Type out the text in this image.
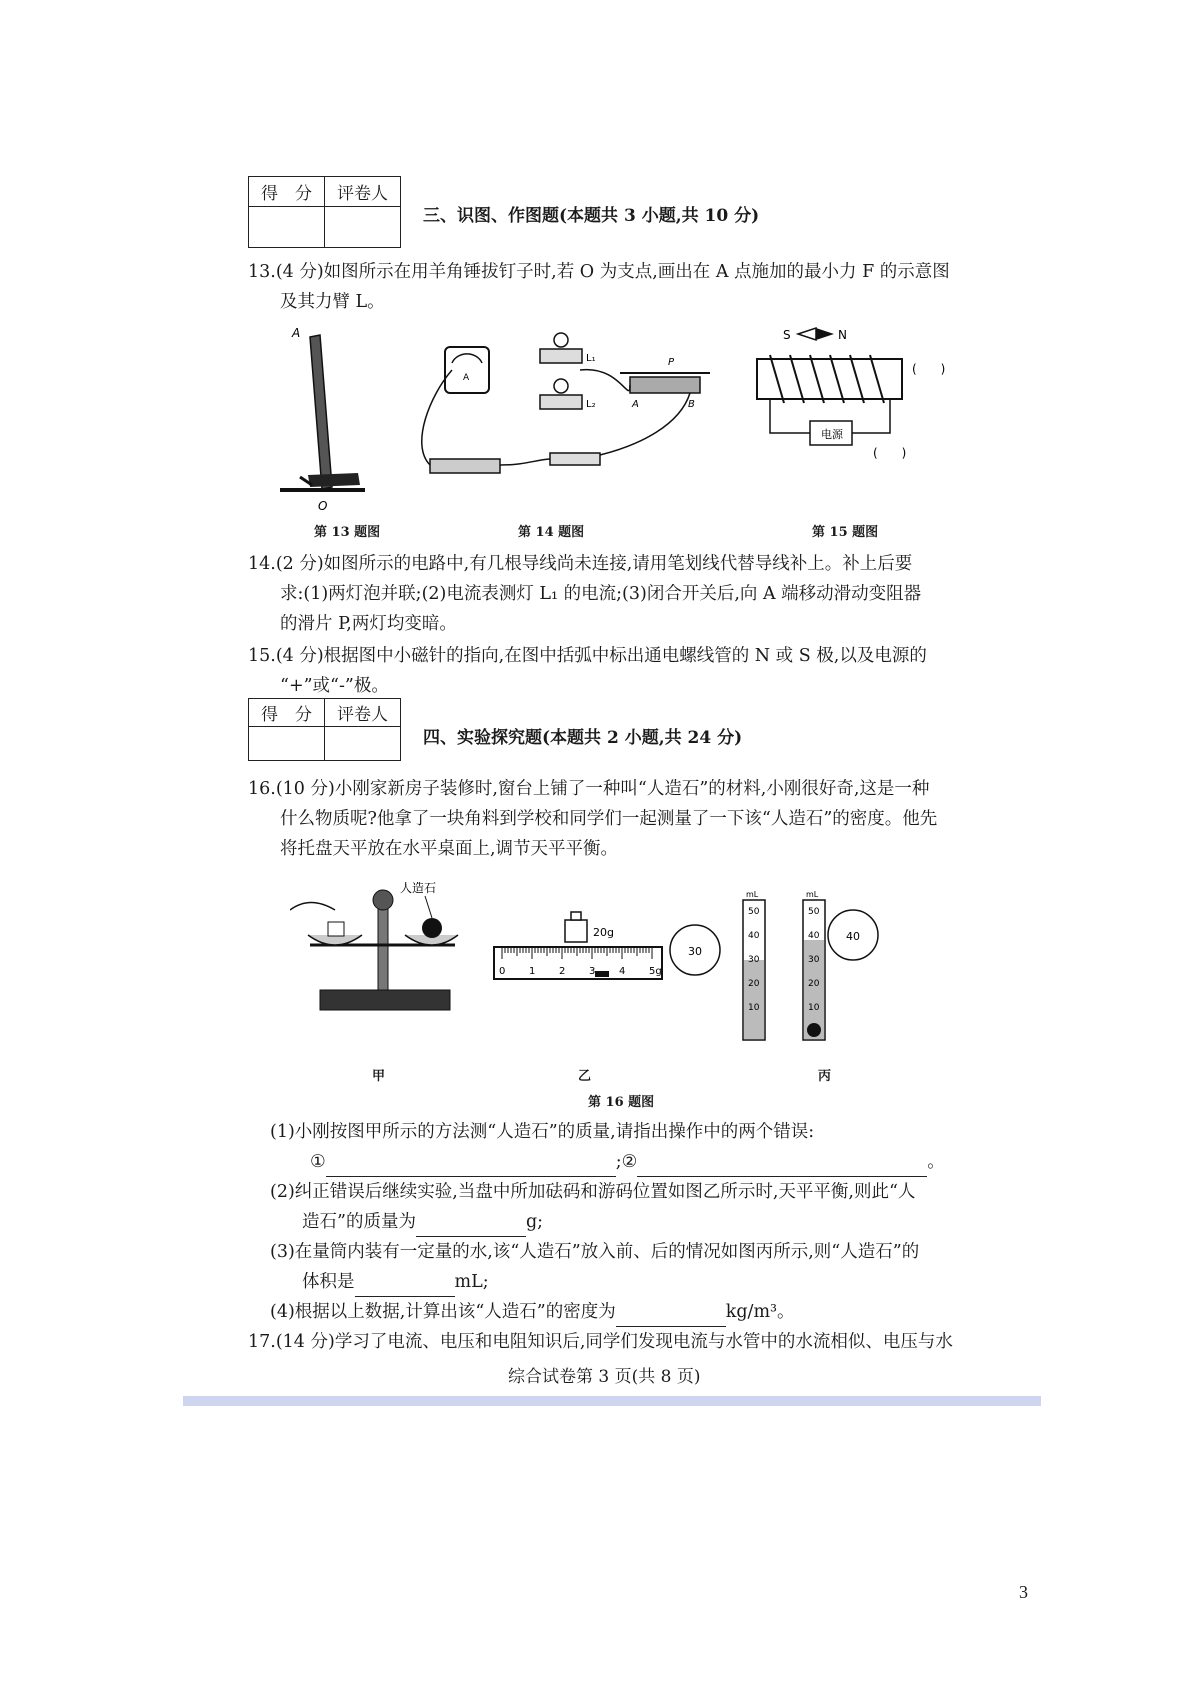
得　分	评卷人

三、识图、作图题(本题共 3 小题,共 10 分)
13.(4 分)如图所示在用羊角锤拔钉子时,若 O 为支点,画出在 A 点施加的最小力 F 的示意图
及其力臂 L。
A
O
A
L₁
L₂
P
A	B
S	N
电源
(　　)
(　　)
第 13 题图	第 14 题图	第 15 题图
14.(2 分)如图所示的电路中,有几根导线尚未连接,请用笔划线代替导线补上。补上后要
求:(1)两灯泡并联;(2)电流表测灯 L₁ 的电流;(3)闭合开关后,向 A 端移动滑动变阻器
的滑片 P,两灯均变暗。
15.(4 分)根据图中小磁针的指向,在图中括弧中标出通电螺线管的 N 或 S 极,以及电源的
“+”或“-”极。
得　分	评卷人

四、实验探究题(本题共 2 小题,共 24 分)
16.(10 分)小刚家新房子装修时,窗台上铺了一种叫“人造石”的材料,小刚很好奇,这是一种
什么物质呢?他拿了一块角料到学校和同学们一起测量了一下该“人造石”的密度。他先
将托盘天平放在水平桌面上,调节天平平衡。
人造石
20g
0 1 2 3 4 5g
30
40
mL
50
40
30
20
10
mL
50
40
30
20
10
甲	乙	丙
第 16 题图
(1)小刚按图甲所示的方法测“人造石”的质量,请指出操作中的两个错误:
①	;②	。
(2)纠正错误后继续实验,当盘中所加砝码和游码位置如图乙所示时,天平平衡,则此“人
造石”的质量为	g;
(3)在量筒内装有一定量的水,该“人造石”放入前、后的情况如图丙所示,则“人造石”的
体积是	mL;
(4)根据以上数据,计算出该“人造石”的密度为	kg/m³。
17.(14 分)学习了电流、电压和电阻知识后,同学们发现电流与水管中的水流相似、电压与水
综合试卷第 3 页(共 8 页)
3
